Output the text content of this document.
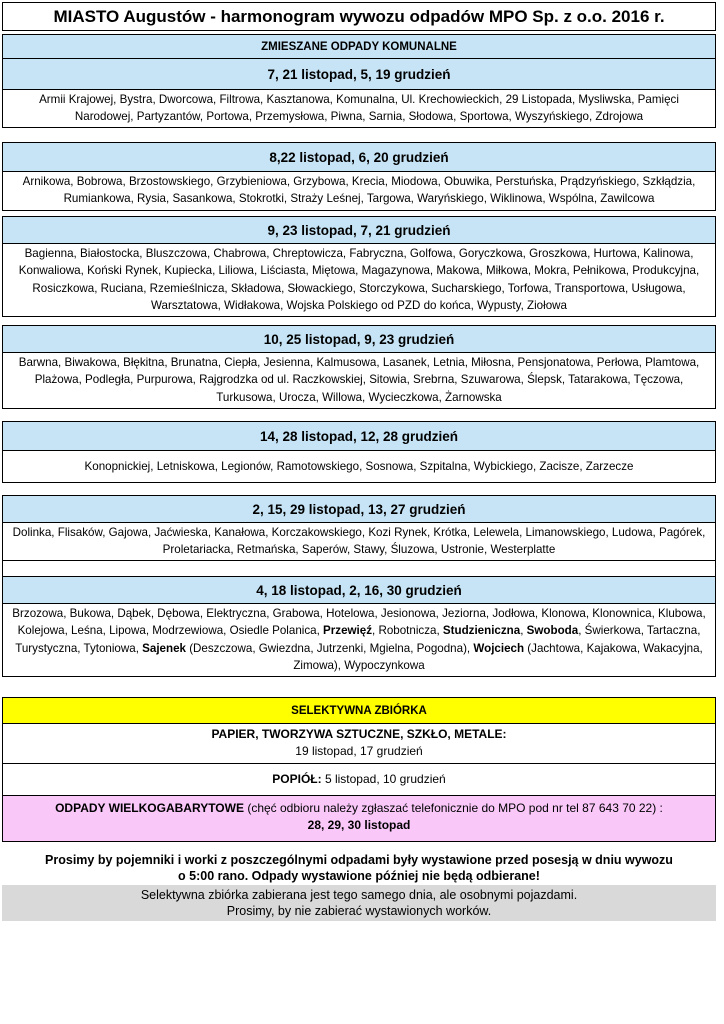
MIASTO Augustów - harmonogram wywozu odpadów MPO Sp. z o.o. 2016 r.
ZMIESZANE ODPADY KOMUNALNE
7, 21 listopad, 5, 19 grudzień
Armii Krajowej, Bystra, Dworcowa, Filtrowa, Kasztanowa, Komunalna, Ul. Krechowieckich, 29 Listopada, Mysliwska, Pamięci Narodowej, Partyzantów, Portowa, Przemysłowa, Piwna, Sarnia, Słodowa, Sportowa, Wyszyńskiego, Zdrojowa
8,22 listopad, 6, 20 grudzień
Arnikowa, Bobrowa, Brzostowskiego, Grzybieniowa, Grzybowa, Krecia, Miodowa, Obuwika, Perstuńska, Prądzyńskiego, Szkłądzia, Rumiankowa, Rysia, Sasankowa, Stokrotki, Straży Leśnej, Targowa, Waryńskiego, Wiklinowa, Wspólna, Zawilcowa
9, 23 listopad, 7, 21 grudzień
Bagienna, Białostocka, Bluszczowa, Chabrowa, Chreptowicza, Fabryczna, Golfowa, Goryczkowa, Groszkowa, Hurtowa, Kalinowa, Konwaliowa, Koński Rynek, Kupiecka, Liliowa, Liściasta, Miętowa, Magazynowa, Makowa, Miłkowa, Mokra, Pełnikowa, Produkcyjna, Rosiczkowa, Ruciana, Rzemieślnicza, Składowa, Słowackiego, Storczykowa, Sucharskiego, Torfowa, Transportowa, Usługowa, Warsztatowa, Widłakowa, Wojska Polskiego od PZD do końca, Wypusty, Ziołowa
10, 25 listopad, 9, 23 grudzień
Barwna, Biwakowa, Błękitna, Brunatna, Ciepła, Jesienna, Kalmusowa, Lasanek, Letnia, Miłosna, Pensjonatowa, Perłowa, Plamtowa, Plażowa, Podległa, Purpurowa, Rajgrodzka od ul. Raczkowskiej, Sitowia, Srebrna, Szuwarowa, Ślepsk, Tatarakowa, Tęczowa, Turkusowa, Urocza, Willowa, Wycieczkowa, Żarnowska
14, 28 listopad, 12, 28 grudzień
Konopnickiej, Letniskowa, Legionów, Ramotowskiego, Sosnowa, Szpitalna, Wybickiego, Zacisze, Zarzecze
2, 15, 29 listopad, 13, 27 grudzień
Dolinka, Flisaków, Gajowa, Jaćwieska, Kanałowa, Korczakowskiego, Kozi Rynek, Krótka, Lelewela, Limanowskiego, Ludowa, Pagórek, Proletariacka, Retmańska, Saperów, Stawy, Śluzowa, Ustronie, Westerplatte
4, 18 listopad, 2, 16, 30 grudzień
Brzozowa, Bukowa, Dąbek, Dębowa, Elektryczna, Grabowa, Hotelowa, Jesionowa, Jeziorna, Jodłowa, Klonowa, Klonownica, Klubowa, Kolejowa, Leśna, Lipowa, Modrzewiowa, Osiedle Polanica, Przewięź, Robotnicza, Studzieniczna, Swoboda, Świerkowa, Tartaczna, Turystyczna, Tytoniowa, Sajenek (Deszczowa, Gwiezdna, Jutrzenki, Mgielna, Pogodna), Wojciech (Jachtowa, Kajakowa, Wakacyjna, Zimowa), Wypoczynkowa
SELEKTYWNA ZBIÓRKA
PAPIER, TWORZYWA SZTUCZNE, SZKŁO, METALE:
19 listopad, 17 grudzień
POPIÓŁ: 5 listopad, 10 grudzień
ODPADY WIELKOGABARYTOWE (chęć odbioru należy zgłaszać telefonicznie do MPO pod nr tel 87 643 70 22) :
28, 29, 30 listopad
Prosimy by pojemniki i worki z poszczególnymi odpadami były wystawione przed posesją w dniu wywozu
o 5:00 rano. Odpady wystawione później nie będą odbierane!
Selektywna zbiórka zabierana jest tego samego dnia, ale osobnymi pojazdami.
Prosimy, by nie zabierać wystawionych worków.
